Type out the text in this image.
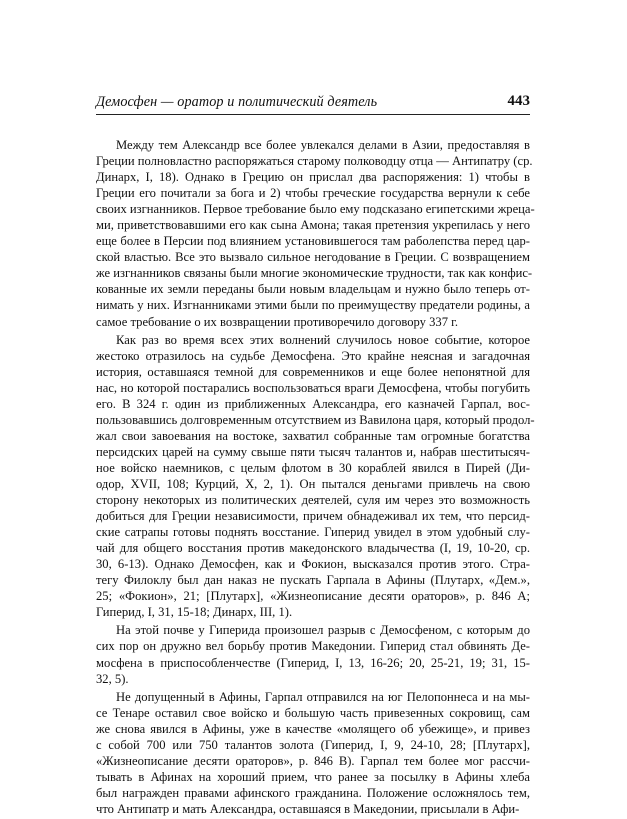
Демосфен — оратор и политический деятель	443
Между тем Александр все более увлекался делами в Азии, предоставляя в
Греции полновластно распоряжаться старому полководцу отца — Антипатру (ср.
Динарх, I, 18). Однако в Грецию он прислал два распоряжения: 1) чтобы в
Греции его почитали за бога и 2) чтобы греческие государства вернули к себе
своих изгнанников. Первое требование было ему подсказано египетскими жреца-
ми, приветствовавшими его как сына Амона; такая претензия укрепилась у него
еще более в Персии под влиянием установившегося там раболепства перед цар-
ской властью. Все это вызвало сильное негодование в Греции. С возвращением
же изгнанников связаны были многие экономические трудности, так как конфис-
кованные их земли переданы были новым владельцам и нужно было теперь от-
нимать у них. Изгнанниками этими были по преимуществу предатели родины, а
самое требование о их возвращении противоречило договору 337 г.
Как раз во время всех этих волнений случилось новое событие, которое
жестоко отразилось на судьбе Демосфена. Это крайне неясная и загадочная
история, оставшаяся темной для современников и еще более непонятной для
нас, но которой постарались воспользоваться враги Демосфена, чтобы погубить
его. В 324 г. один из приближенных Александра, его казначей Гарпал, вос-
пользовавшись долговременным отсутствием из Вавилона царя, который продол-
жал свои завоевания на востоке, захватил собранные там огромные богатства
персидских царей на сумму свыше пяти тысяч талантов и, набрав шеститысяч-
ное войско наемников, с целым флотом в 30 кораблей явился в Пирей (Ди-
одор, XVII, 108; Курций, X, 2, 1). Он пытался деньгами привлечь на свою
сторону некоторых из политических деятелей, суля им через это возможность
добиться для Греции независимости, причем обнадеживал их тем, что персид-
ские сатрапы готовы поднять восстание. Гиперид увидел в этом удобный слу-
чай для общего восстания против македонского владычества (I, 19, 10-20, ср.
30, 6-13). Однако Демосфен, как и Фокион, высказался против этого. Стра-
тегу Филоклу был дан наказ не пускать Гарпала в Афины (Плутарх, «Дем.»,
25; «Фокион», 21; [Плутарх], «Жизнеописание десяти ораторов», р. 846 А;
Гиперид, I, 31, 15-18; Динарх, III, 1).
На этой почве у Гиперида произошел разрыв с Демосфеном, с которым до
сих пор он дружно вел борьбу против Македонии. Гиперид стал обвинять Де-
мосфена в приспособленчестве (Гиперид, I, 13, 16-26; 20, 25-21, 19; 31, 15-
32, 5).
Не допущенный в Афины, Гарпал отправился на юг Пелопоннеса и на мы-
се Тенаре оставил свое войско и большую часть привезенных сокровищ, сам
же снова явился в Афины, уже в качестве «молящего об убежище», и привез
с собой 700 или 750 талантов золота (Гиперид, I, 9, 24-10, 28; [Плутарх],
«Жизнеописание десяти ораторов», р. 846 В). Гарпал тем более мог рассчи-
тывать в Афинах на хороший прием, что ранее за посылку в Афины хлеба
был награжден правами афинского гражданина. Положение осложнялось тем,
что Антипатр и мать Александра, оставшаяся в Македонии, присылали в Афи-
